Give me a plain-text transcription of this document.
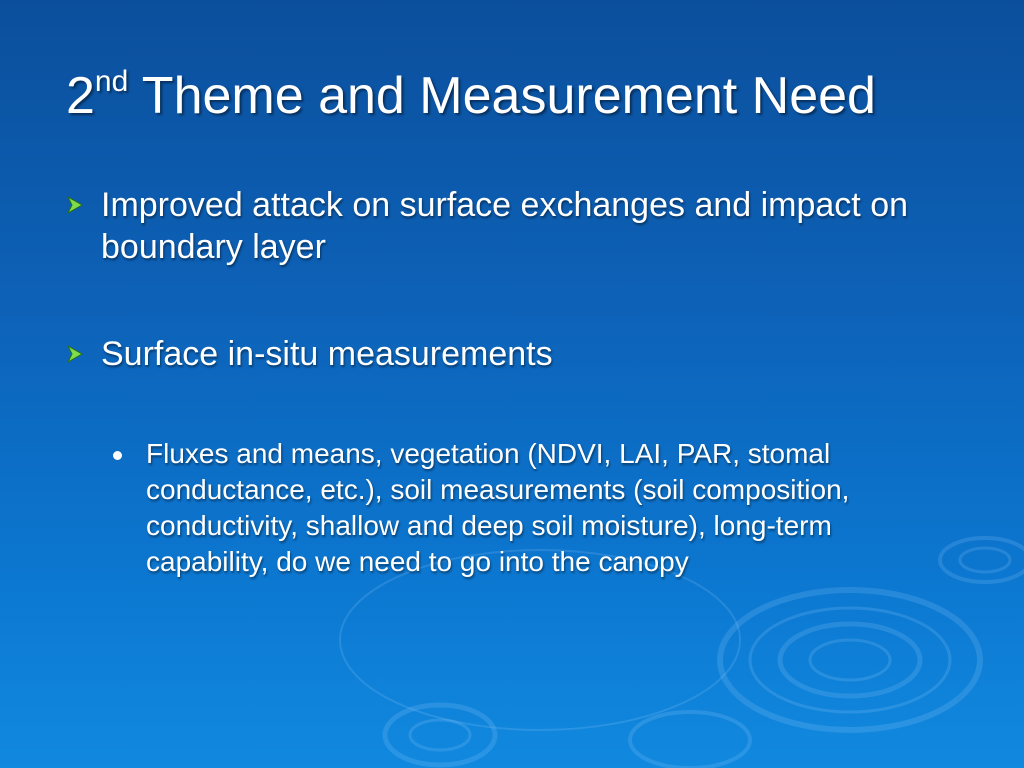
2nd Theme and Measurement Need
Improved attack on surface exchanges and impact on boundary layer
Surface in-situ measurements
Fluxes and means, vegetation (NDVI, LAI, PAR, stomal conductance, etc.), soil measurements (soil composition, conductivity, shallow and deep soil moisture), long-term capability, do we need to go into the canopy
